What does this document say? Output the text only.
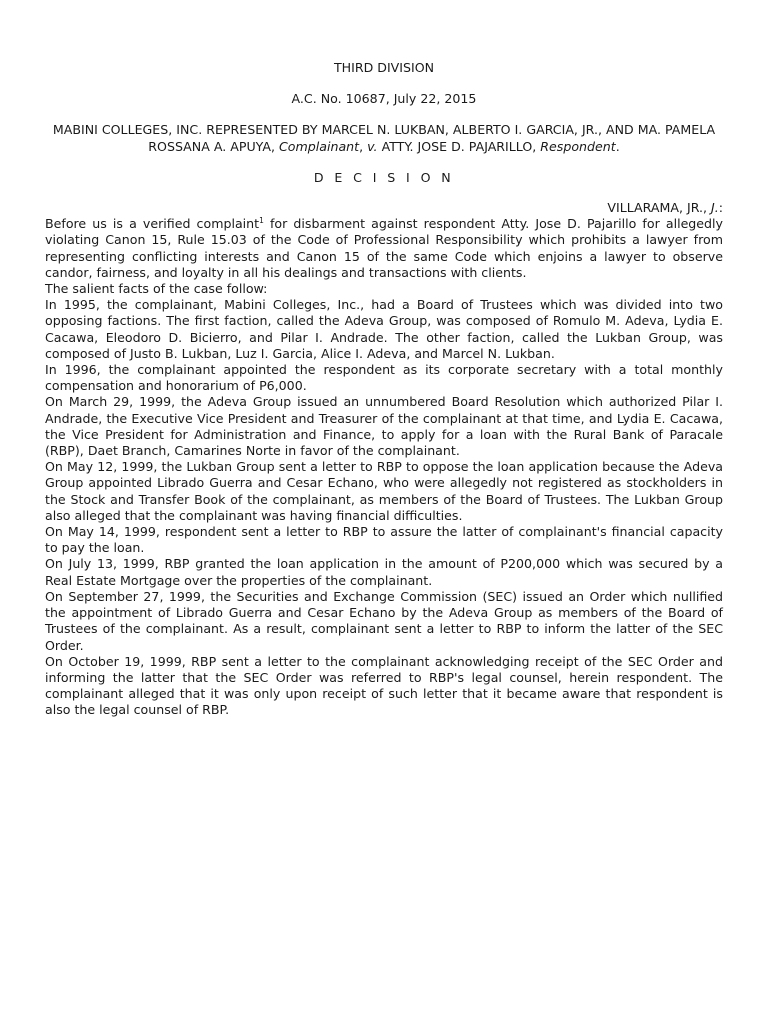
THIRD DIVISION
A.C. No. 10687, July 22, 2015
MABINI COLLEGES, INC. REPRESENTED BY MARCEL N. LUKBAN, ALBERTO I. GARCIA, JR., AND MA. PAMELA ROSSANA A. APUYA, Complainant, v. ATTY. JOSE D. PAJARILLO, Respondent.
D E C I S I O N
VILLARAMA, JR., J.:

Before us is a verified complaint$^1$ for disbarment against respondent Atty. Jose D. Pajarillo for allegedly violating Canon 15, Rule 15.03 of the Code of Professional Responsibility which prohibits a lawyer from representing conflicting interests and Canon 15 of the same Code which enjoins a lawyer to observe candor, fairness, and loyalty in all his dealings and transactions with clients.

The salient facts of the case follow:

In 1995, the complainant, Mabini Colleges, Inc., had a Board of Trustees which was divided into two opposing factions. The first faction, called the Adeva Group, was composed of Romulo M. Adeva, Lydia E. Cacawa, Eleodoro D. Bicierro, and Pilar I. Andrade. The other faction, called the Lukban Group, was composed of Justo B. Lukban, Luz I. Garcia, Alice I. Adeva, and Marcel N. Lukban.

In 1996, the complainant appointed the respondent as its corporate secretary with a total monthly compensation and honorarium of P6,000.

On March 29, 1999, the Adeva Group issued an unnumbered Board Resolution which authorized Pilar I. Andrade, the Executive Vice President and Treasurer of the complainant at that time, and Lydia E. Cacawa, the Vice President for Administration and Finance, to apply for a loan with the Rural Bank of Paracale (RBP), Daet Branch, Camarines Norte in favor of the complainant.

On May 12, 1999, the Lukban Group sent a letter to RBP to oppose the loan application because the Adeva Group appointed Librado Guerra and Cesar Echano, who were allegedly not registered as stockholders in the Stock and Transfer Book of the complainant, as members of the Board of Trustees. The Lukban Group also alleged that the complainant was having financial difficulties.

On May 14, 1999, respondent sent a letter to RBP to assure the latter of complainant's financial capacity to pay the loan.

On July 13, 1999, RBP granted the loan application in the amount of P200,000 which was secured by a Real Estate Mortgage over the properties of the complainant.

On September 27, 1999, the Securities and Exchange Commission (SEC) issued an Order which nullified the appointment of Librado Guerra and Cesar Echano by the Adeva Group as members of the Board of Trustees of the complainant. As a result, complainant sent a letter to RBP to inform the latter of the SEC Order.

On October 19, 1999, RBP sent a letter to the complainant acknowledging receipt of the SEC Order and informing the latter that the SEC Order was referred to RBP's legal counsel, herein respondent. The complainant alleged that it was only upon receipt of such letter that it became aware that respondent is also the legal counsel of RBP.
